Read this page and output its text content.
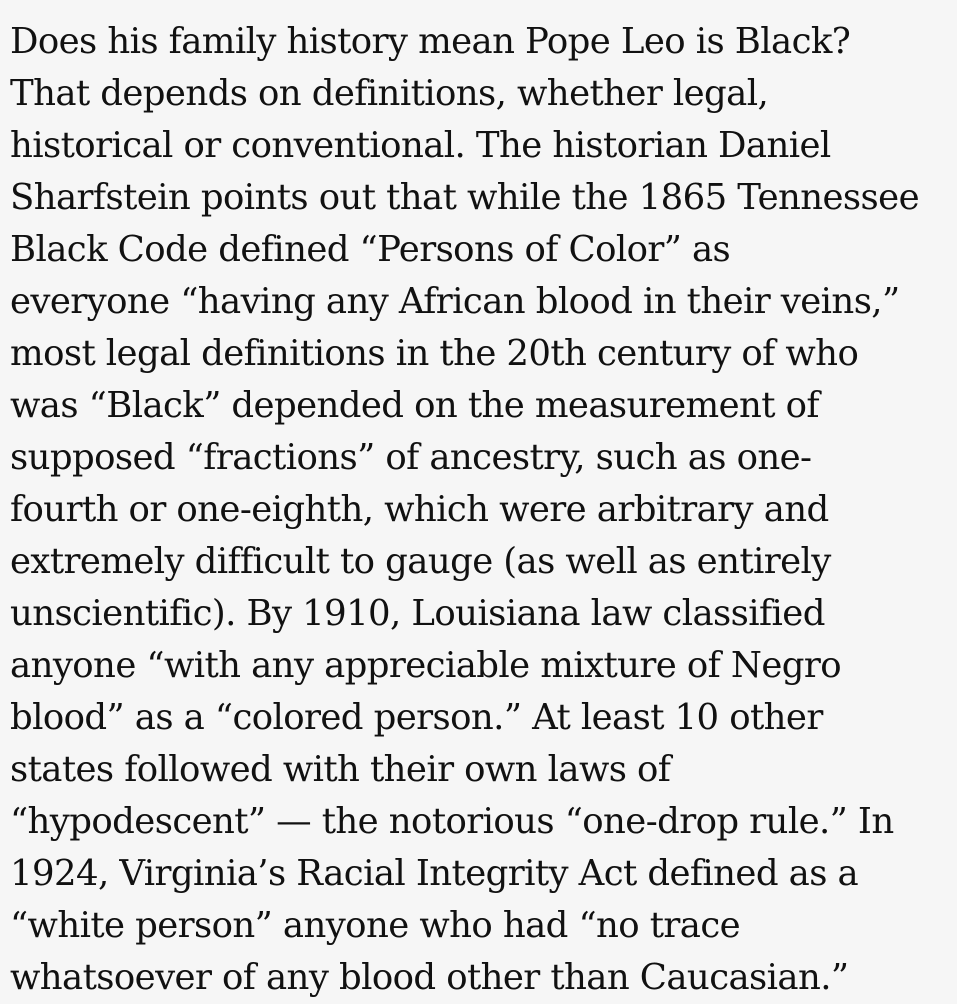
Does his family history mean Pope Leo is Black?
That depends on definitions, whether legal,
historical or conventional. The historian Daniel
Sharfstein points out that while the 1865 Tennessee
Black Code defined “Persons of Color” as
everyone “having any African blood in their veins,”
most legal definitions in the 20th century of who
was “Black” depended on the measurement of
supposed “fractions” of ancestry, such as one-
fourth or one-eighth, which were arbitrary and
extremely difficult to gauge (as well as entirely
unscientific). By 1910, Louisiana law classified
anyone “with any appreciable mixture of Negro
blood” as a “colored person.” At least 10 other
states followed with their own laws of
“hypodescent” — the notorious “one-drop rule.” In
1924, Virginia’s Racial Integrity Act defined as a
“white person” anyone who had “no trace
whatsoever of any blood other than Caucasian.”
